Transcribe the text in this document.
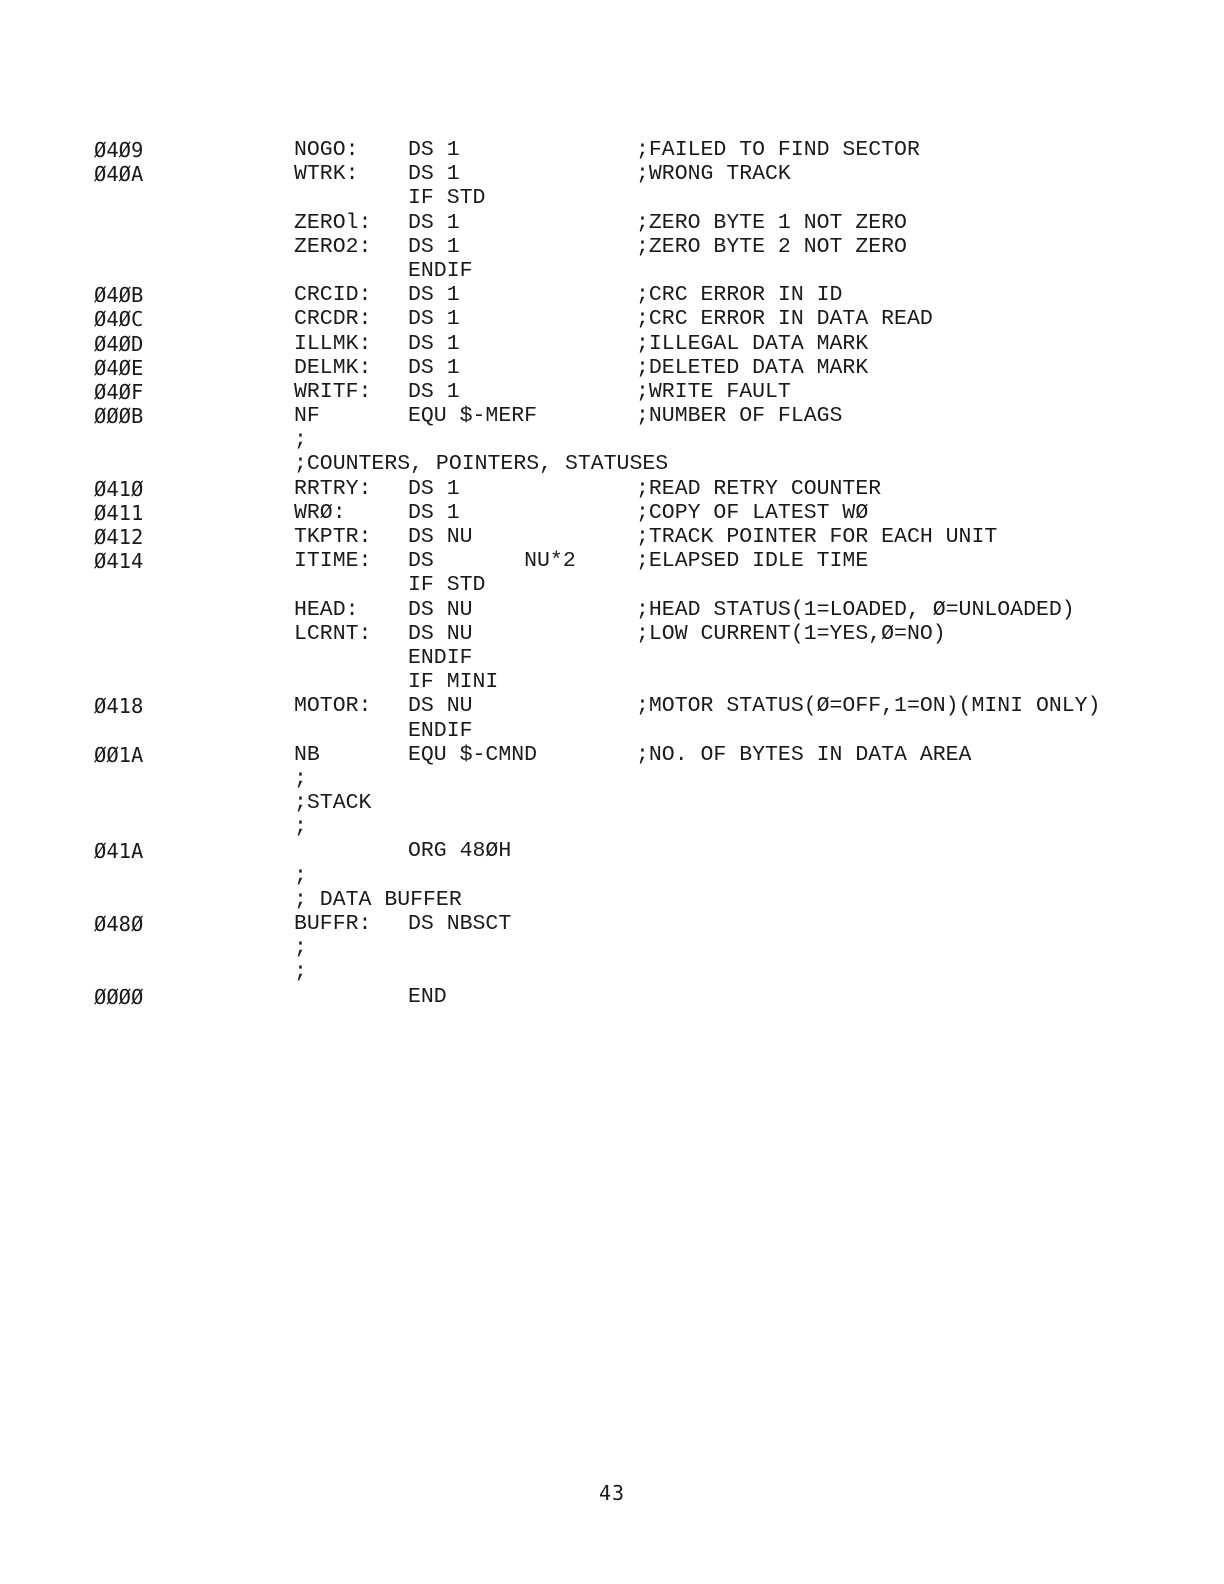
Ø4Ø9	NOGO: DS 1	;FAILED TO FIND SECTOR
Ø4ØA	WTRK: DS 1	;WRONG TRACK
IF STD
ZEROl: DS 1	;ZERO BYTE 1 NOT ZERO
ZERO2: DS 1	;ZERO BYTE 2 NOT ZERO
ENDIF
Ø4ØB	CRCID: DS 1	;CRC ERROR IN ID
Ø4ØC	CRCDR: DS 1	;CRC ERROR IN DATA READ
Ø4ØD	ILLMK: DS 1	;ILLEGAL DATA MARK
Ø4ØE	DELMK: DS 1	;DELETED DATA MARK
Ø4ØF	WRITF: DS 1	;WRITE FAULT
ØØØB	NF	EQU $-MERF	;NUMBER OF FLAGS
;
;COUNTERS, POINTERS, STATUSES
Ø41Ø	RRTRY: DS 1	;READ RETRY COUNTER
Ø411	WRØ:	DS 1	;COPY OF LATEST WØ
Ø412	TKPTR: DS NU	;TRACK POINTER FOR EACH UNIT
Ø414	ITIME: DS       NU*2	;ELAPSED IDLE TIME
IF STD
HEAD: DS NU	;HEAD STATUS(1=LOADED, Ø=UNLOADED)
LCRNT: DS NU	;LOW CURRENT(1=YES,Ø=NO)
ENDIF
IF MINI
Ø418	MOTOR: DS NU	;MOTOR STATUS(Ø=OFF,1=ON)(MINI ONLY)
ENDIF
ØØ1A	NB	EQU $-CMND	;NO. OF BYTES IN DATA AREA
;
;STACK
;
Ø41A	ORG 48ØH
;
; DATA BUFFER
Ø48Ø	BUFFR: DS NBSCT
;
;
ØØØØ	END
43
